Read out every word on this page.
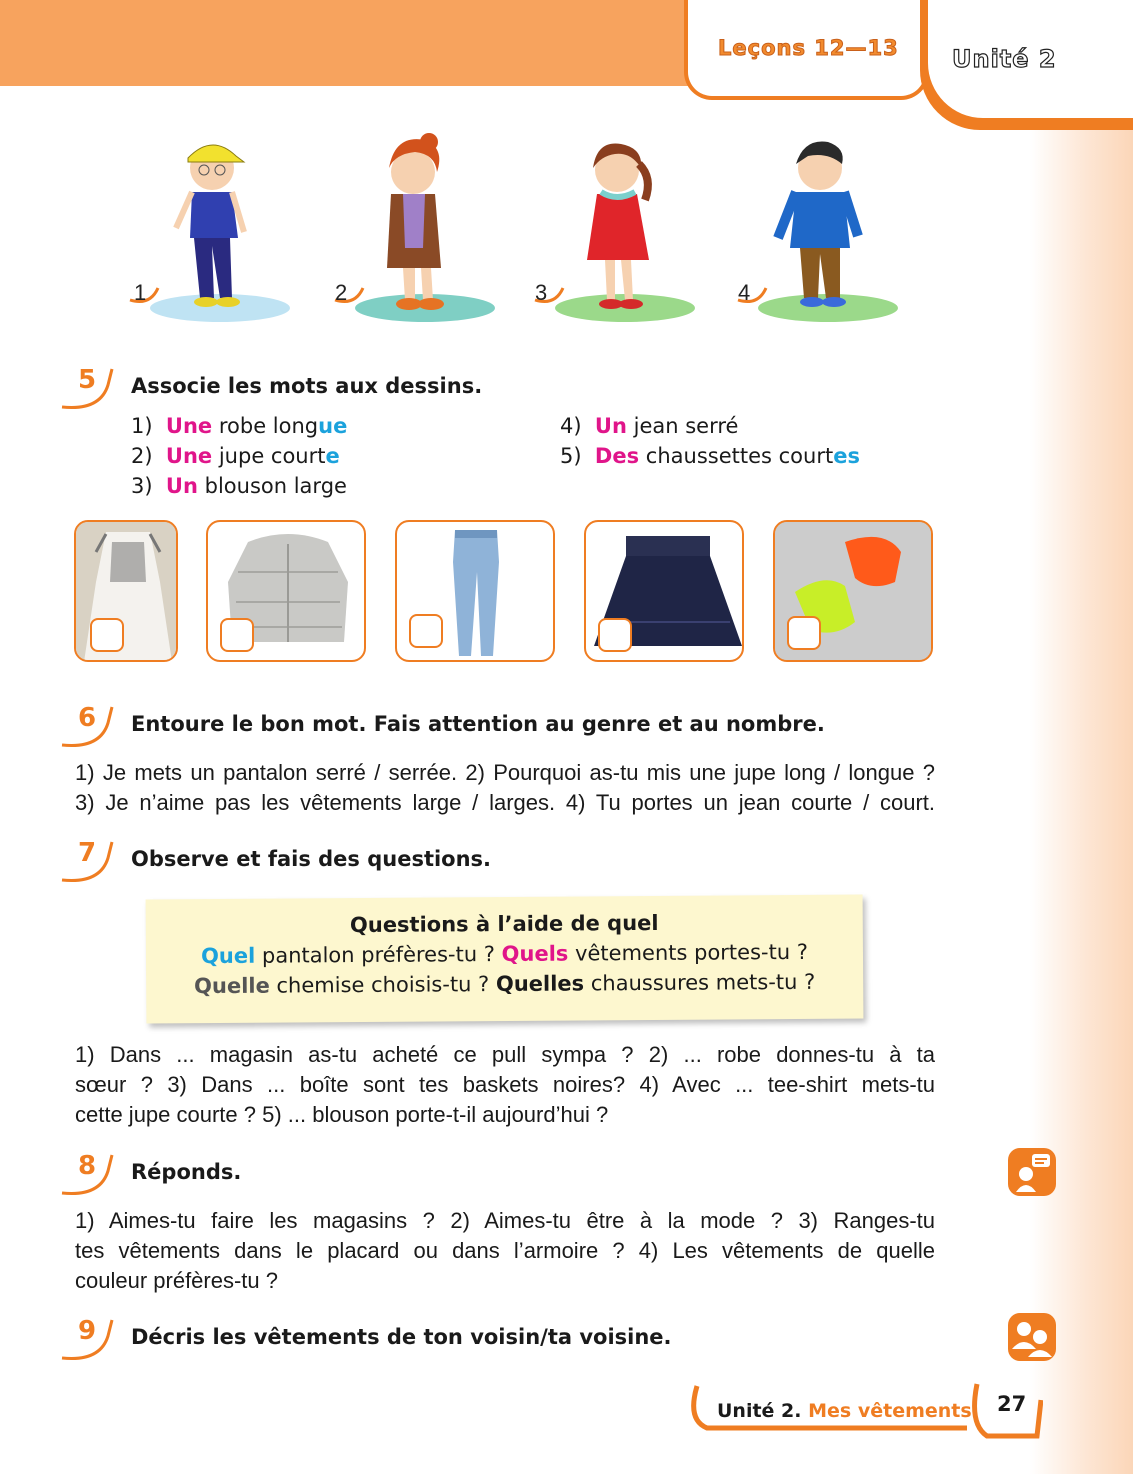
Leçons 12—13 Unité 2
1	2	3	4
5 Associe les mots aux dessins.
1) Une robe longue
2) Une jupe courte
3) Un blouson large
4) Un jean serré
5) Des chaussettes courtes
6 Entoure le bon mot. Fais attention au genre et au nombre.
1) Je mets un pantalon serré / serrée. 2) Pourquoi as-tu mis une jupe long / longue ?
3) Je n’aime pas les vêtements large / larges. 4) Tu portes un jean courte / court.
7 Observe et fais des questions.
Questions à l’aide de quel
Quel pantalon préfères-tu ? Quels vêtements portes-tu ?
Quelle chemise choisis-tu ? Quelles chaussures mets-tu ?
1) Dans ... magasin as-tu acheté ce pull sympa ? 2) ... robe donnes-tu à ta
sœur ? 3) Dans ... boîte sont tes baskets noires? 4) Avec ... tee-shirt mets-tu
cette jupe courte ? 5) ... blouson porte-t-il aujourd’hui ?
8 Réponds.
1) Aimes-tu faire les magasins ? 2) Aimes-tu être à la mode ? 3) Ranges-tu
tes vêtements dans le placard ou dans l’armoire ? 4) Les vêtements de quelle
couleur préfères-tu ?
9 Décris les vêtements de ton voisin/ta voisine.
Unité 2. Mes vêtements 27
